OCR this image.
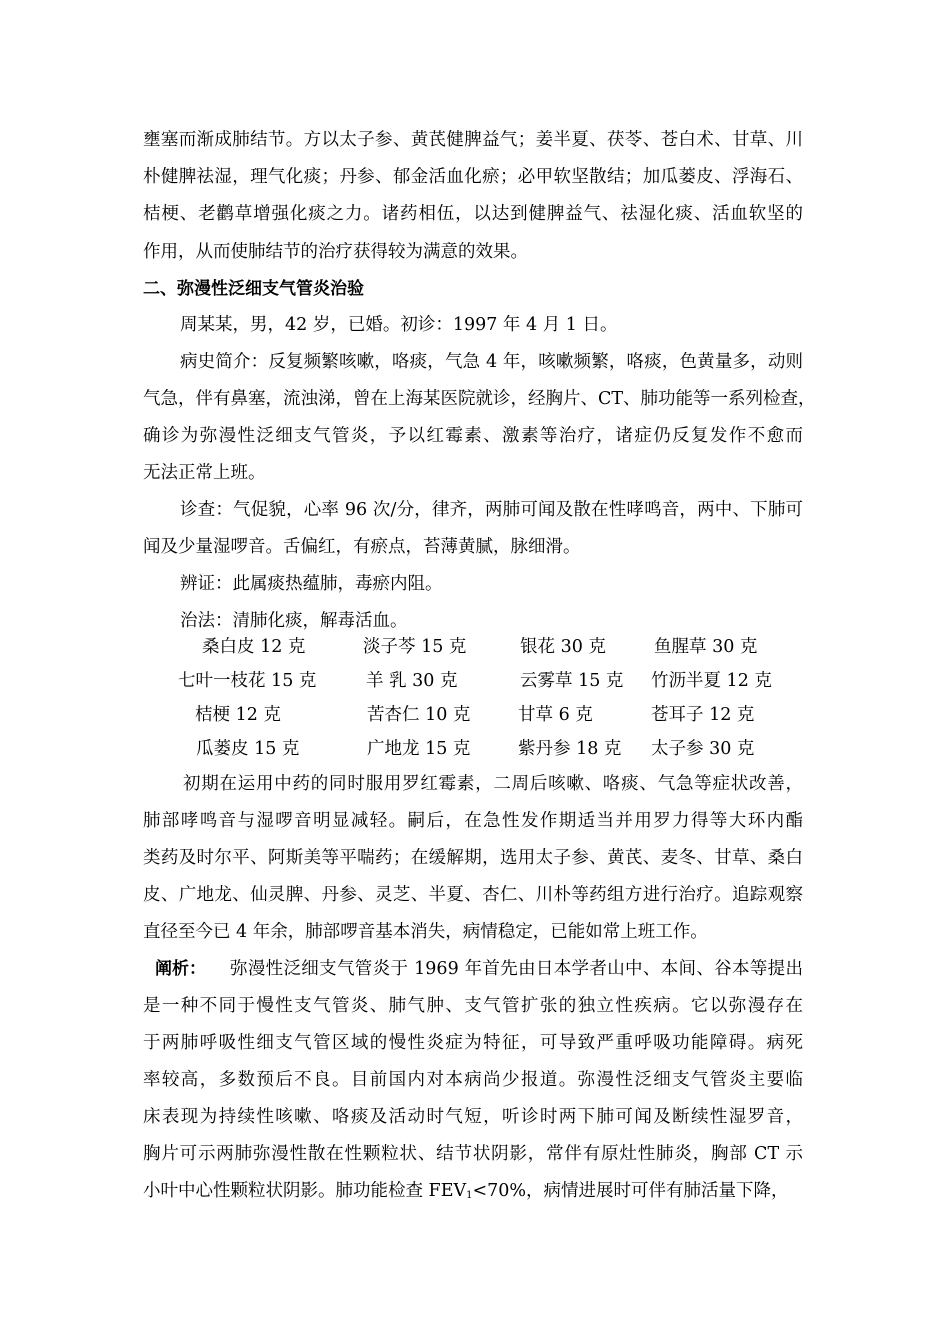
壅塞而渐成肺结节。方以太子参、黄芪健脾益气；姜半夏、茯苓、苍白术、甘草、川
朴健脾祛湿，理气化痰；丹参、郁金活血化瘀；必甲软坚散结；加瓜蒌皮、浮海石、
桔梗、老鹳草增强化痰之力。诸药相伍，以达到健脾益气、祛湿化痰、活血软坚的
作用，从而使肺结节的治疗获得较为满意的效果。
二、弥漫性泛细支气管炎治验
周某某，男，42 岁，已婚。初诊：1997 年 4 月 1 日。
病史简介：反复频繁咳嗽，咯痰，气急 4 年，咳嗽频繁，咯痰，色黄量多，动则
气急，伴有鼻塞，流浊涕，曾在上海某医院就诊，经胸片、CT、肺功能等一系列检查，
确诊为弥漫性泛细支气管炎，予以红霉素、激素等治疗，诸症仍反复发作不愈而
无法正常上班。
诊查：气促貌，心率 96 次/分，律齐，两肺可闻及散在性哮鸣音，两中、下肺可
闻及少量湿啰音。舌偏红，有瘀点，苔薄黄腻，脉细滑。
辨证：此属痰热蕴肺，毒瘀内阻。
治法：清肺化痰，解毒活血。
桑白皮 12 克	淡子芩 15 克	银花 30 克	鱼腥草 30 克
七叶一枝花 15 克	羊 乳 30 克	云雾草 15 克 竹沥半夏 12 克
桔梗 12 克	苦杏仁 10 克	甘草 6 克	苍耳子 12 克
瓜蒌皮 15 克	广地龙 15 克	紫丹参 18 克 太子参 30 克
初期在运用中药的同时服用罗红霉素，二周后咳嗽、咯痰、气急等症状改善，
肺部哮鸣音与湿啰音明显减轻。嗣后，在急性发作期适当并用罗力得等大环内酯
类药及时尔平、阿斯美等平喘药；在缓解期，选用太子参、黄芪、麦冬、甘草、桑白
皮、广地龙、仙灵脾、丹参、灵芝、半夏、杏仁、川朴等药组方进行治疗。追踪观察
直径至今已 4 年余，肺部啰音基本消失，病情稳定，已能如常上班工作。
阐析： 弥漫性泛细支气管炎于 1969 年首先由日本学者山中、本间、谷本等提出
是一种不同于慢性支气管炎、肺气肿、支气管扩张的独立性疾病。它以弥漫存在
于两肺呼吸性细支气管区域的慢性炎症为特征，可导致严重呼吸功能障碍。病死
率较高，多数预后不良。目前国内对本病尚少报道。弥漫性泛细支气管炎主要临
床表现为持续性咳嗽、咯痰及活动时气短，听诊时两下肺可闻及断续性湿罗音，
胸片可示两肺弥漫性散在性颗粒状、结节状阴影，常伴有原灶性肺炎，胸部 CT 示
小叶中心性颗粒状阴影。肺功能检查 $FEV_1<70\%$，病情进展时可伴有肺活量下降，
